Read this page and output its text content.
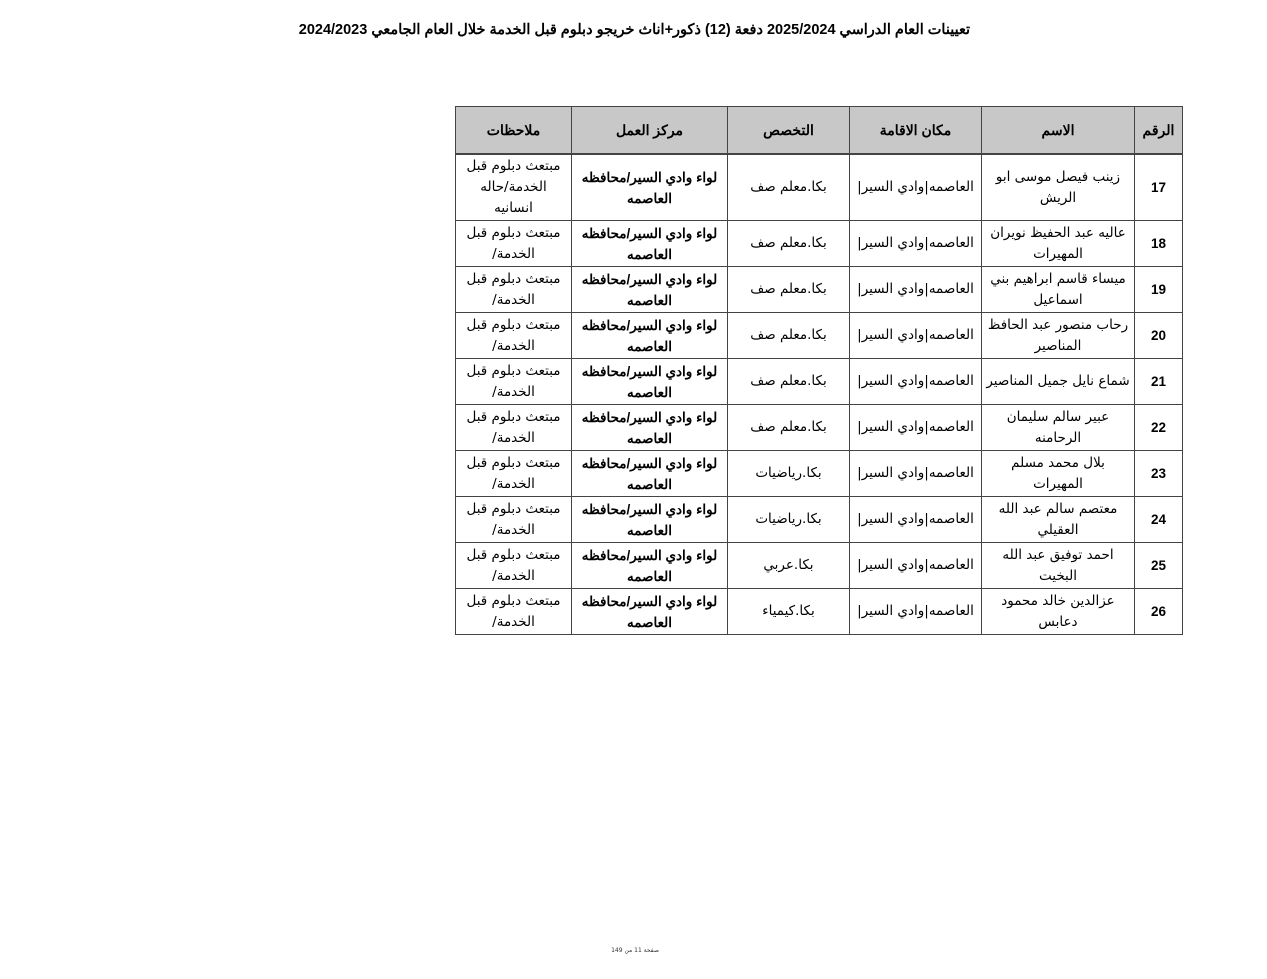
تعيينات العام الدراسي 2025/2024 دفعة (12) ذكور+اناث خريجو دبلوم قبل الخدمة خلال العام الجامعي 2024/2023
الرقم	الاسم	مكان الاقامة	التخصص	مركز العمل	ملاحظات
17	زينب فيصل موسى ابو الريش	العاصمه|وادي السير|	بكا.معلم صف	لواء وادي السير/محافظه العاصمه	مبتعث دبلوم قبل الخدمة/حاله انسانيه
18	عاليه عبد الحفيظ نويران المهيرات	العاصمه|وادي السير|	بكا.معلم صف	لواء وادي السير/محافظه العاصمه	مبتعث دبلوم قبل الخدمة/
19	ميساء قاسم ابراهيم بني اسماعيل	العاصمه|وادي السير|	بكا.معلم صف	لواء وادي السير/محافظه العاصمه	مبتعث دبلوم قبل الخدمة/
20	رحاب منصور عبد الحافظ المناصير	العاصمه|وادي السير|	بكا.معلم صف	لواء وادي السير/محافظه العاصمه	مبتعث دبلوم قبل الخدمة/
21	شماع نايل جميل المناصير	العاصمه|وادي السير|	بكا.معلم صف	لواء وادي السير/محافظه العاصمه	مبتعث دبلوم قبل الخدمة/
22	عبير سالم سليمان الرحامنه	العاصمه|وادي السير|	بكا.معلم صف	لواء وادي السير/محافظه العاصمه	مبتعث دبلوم قبل الخدمة/
23	بلال محمد مسلم المهيرات	العاصمه|وادي السير|	بكا.رياضيات	لواء وادي السير/محافظه العاصمه	مبتعث دبلوم قبل الخدمة/
24	معتصم سالم عبد الله العقيلي	العاصمه|وادي السير|	بكا.رياضيات	لواء وادي السير/محافظه العاصمه	مبتعث دبلوم قبل الخدمة/
25	احمد توفيق عبد الله البخيت	العاصمه|وادي السير|	بكا.عربي	لواء وادي السير/محافظه العاصمه	مبتعث دبلوم قبل الخدمة/
26	عزالدين خالد محمود دعابس	العاصمه|وادي السير|	بكا.كيمياء	لواء وادي السير/محافظه العاصمه	مبتعث دبلوم قبل الخدمة/
صفحة 11 من 149
